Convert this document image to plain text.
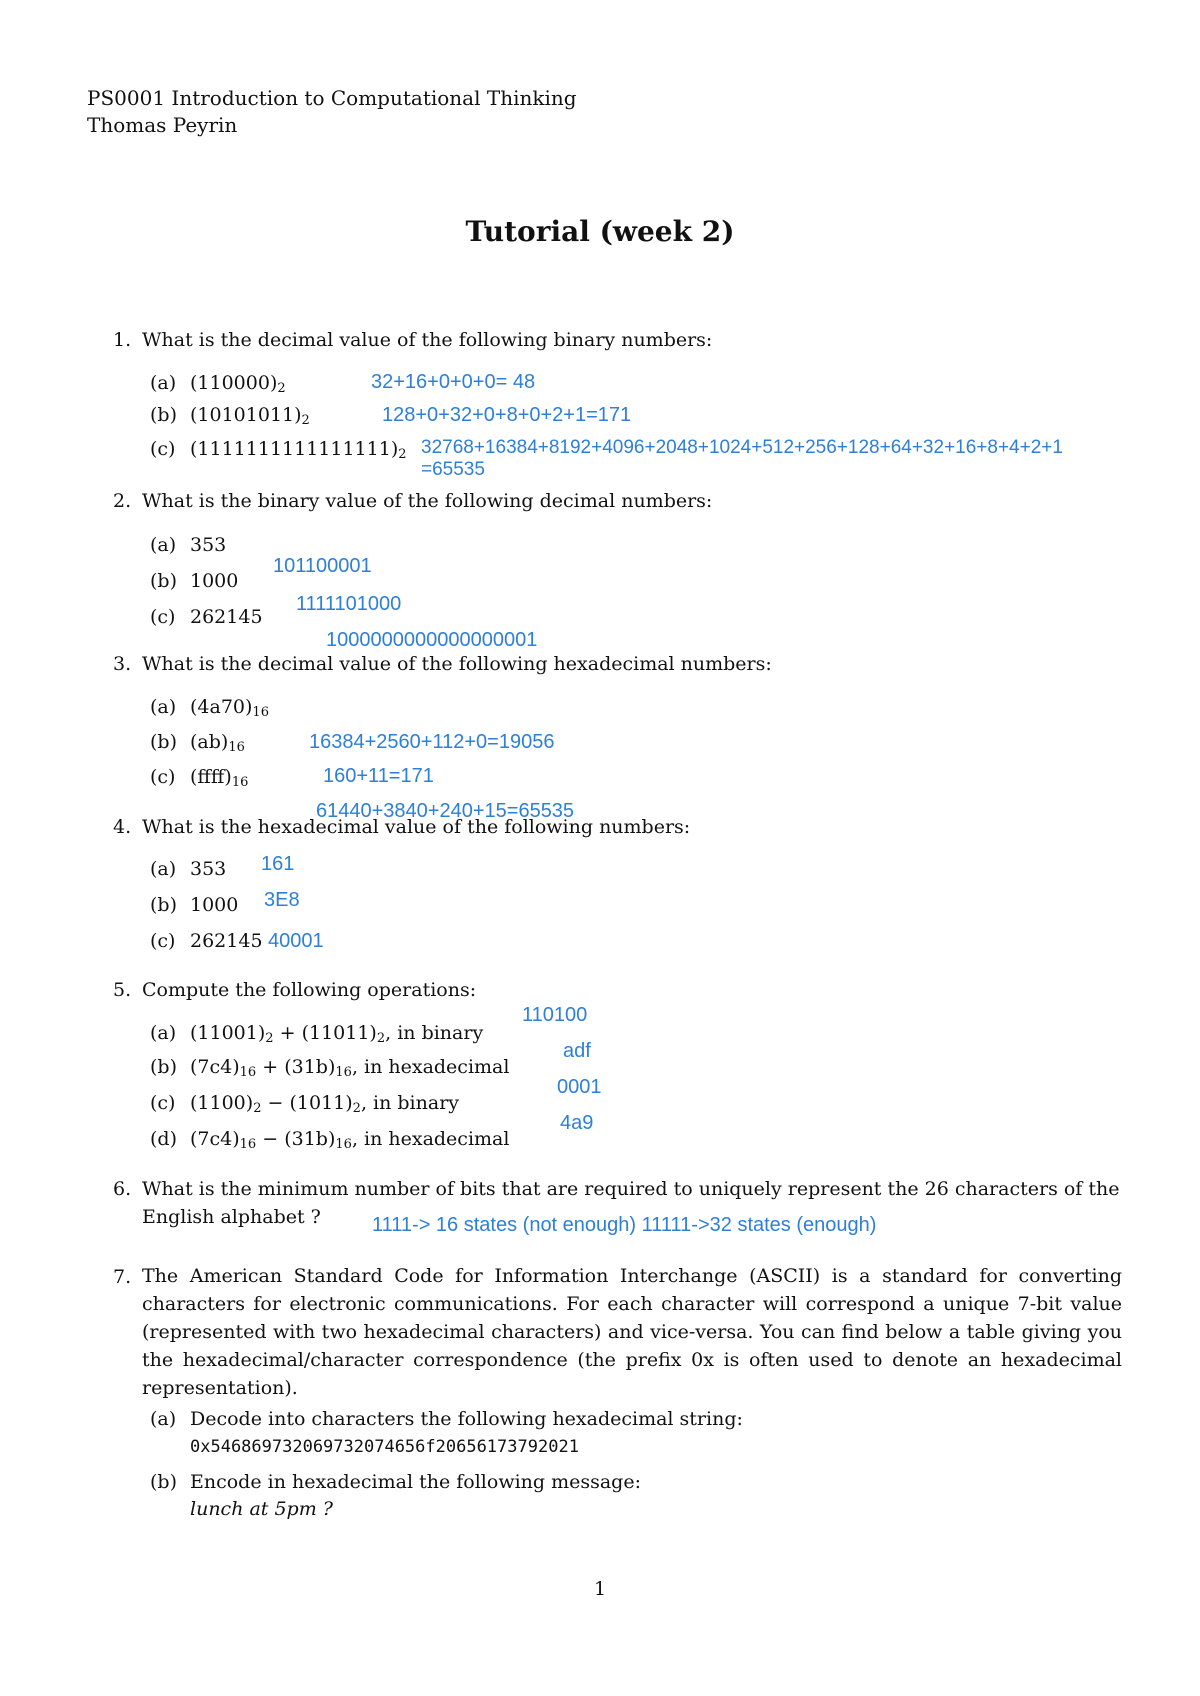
PS0001 Introduction to Computational Thinking
Thomas Peyrin
Tutorial (week 2)
1. What is the decimal value of the following binary numbers:
(a) $(110000)_2$	32+16+0+0+0= 48
(b) $(10101011)_2$	128+0+32+0+8+0+2+1=171
(c) $(1111111111111111)_2$ 32768+16384+8192+4096+2048+1024+512+256+128+64+32+16+8+4+2+1
=65535
2. What is the binary value of the following decimal numbers:
(a) 353
101100001
(b) 1000
1111101000
(c) 262145
1000000000000000001
3. What is the decimal value of the following hexadecimal numbers:
(a) $(4a70)_{16}$
16384+2560+112+0=19056
(b) $(ab)_{16}$
160+11=171
(c) $(ffff)_{16}$
61440+3840+240+15=65535
4. What is the hexadecimal value of the following numbers:
(a) 353 161
(b) 1000 3E8
(c) 262145 40001
5. Compute the following operations:
(a) $(11001)_2 + (11011)_2$, in binary
110100
(b) $(7c4)_{16} + (31b)_{16}$, in hexadecimal
adf
(c) $(1100)_2 - (1011)_2$, in binary
0001
(d) $(7c4)_{16} - (31b)_{16}$, in hexadecimal
4a9
6. What is the minimum number of bits that are required to uniquely represent the 26 characters of the
English alphabet ?	1111-> 16 states (not enough) 11111->32 states (enough)
7. The American Standard Code for Information Interchange (ASCII) is a standard for converting characters for electronic communications. For each character will correspond a unique 7-bit value (represented with two hexadecimal characters) and vice-versa. You can find below a table giving you the hexadecimal/character correspondence (the prefix 0x is often used to denote an hexadecimal representation).
(a) Decode into characters the following hexadecimal string:
0x546869732069732074656f20656173792021
(b) Encode in hexadecimal the following message:
lunch at 5pm ?
1
